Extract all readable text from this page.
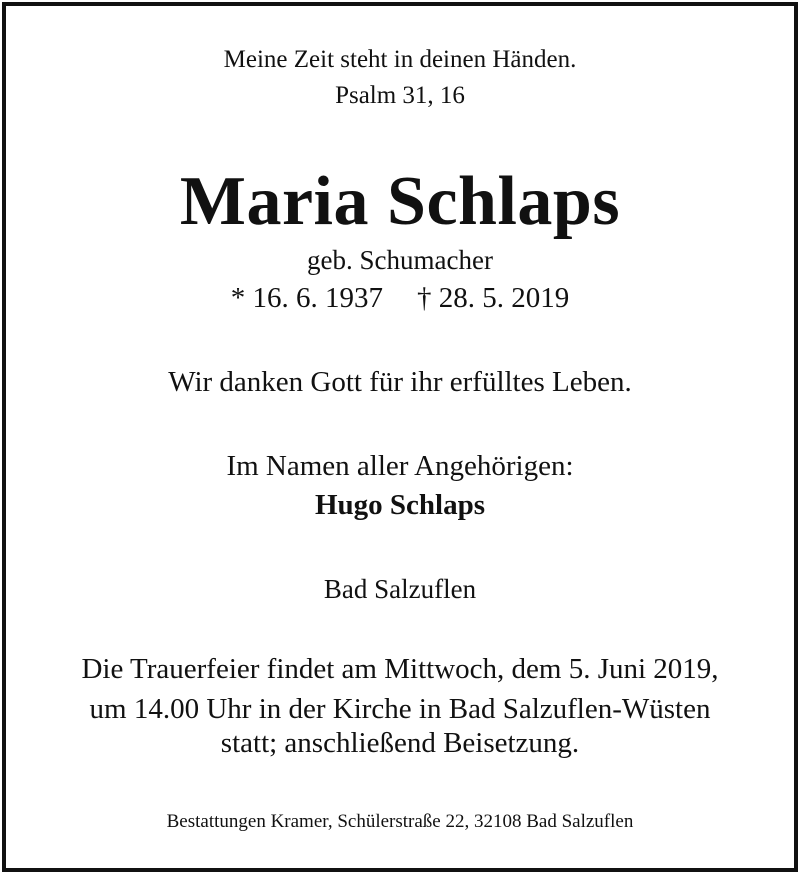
Meine Zeit steht in deinen Händen.
Psalm 31, 16
Maria Schlaps
geb. Schumacher
* 16. 6. 1937 † 28. 5. 2019
Wir danken Gott für ihr erfülltes Leben.
Im Namen aller Angehörigen:
Hugo Schlaps
Bad Salzuflen
Die Trauerfeier findet am Mittwoch, dem 5. Juni 2019,
um 14.00 Uhr in der Kirche in Bad Salzuflen-Wüsten
statt; anschließend Beisetzung.
Bestattungen Kramer, Schülerstraße 22, 32108 Bad Salzuflen
